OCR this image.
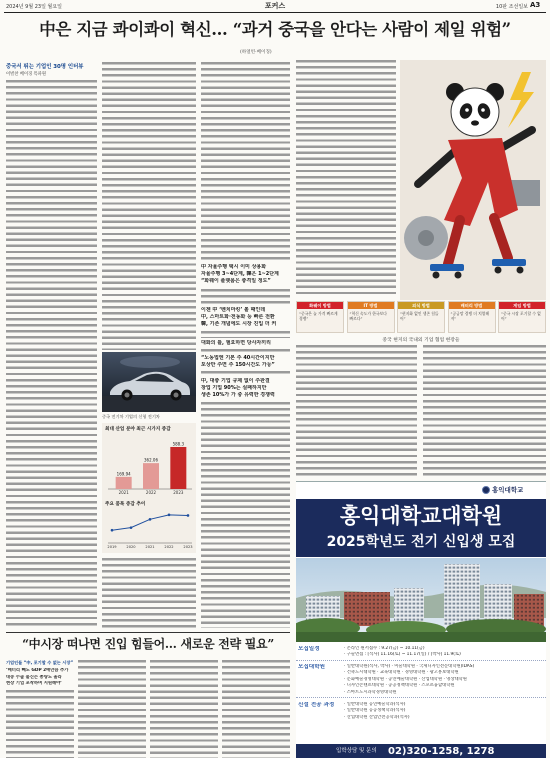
2024년 9월 23일 월요일	포커스	10판 조선일보 A3
中은 지금 콰이콰이 혁신… “과거 중국을 안다는 사람이 제일 위험”
(하얼빈·베이징)
중국서 뛰는 기업인 30명 인터뷰
이벌찬 베이징 특파원
중국 전기차 기업의 신형 전기차
최대 산업 분야 최근 시가지 증감
주요 품목 증감 추이
169.94
2021
362.06
2022
588.3
2023
2019	2020	2021	2022	2023
中 자율주행 택시 이미 상용화
자율주행 3~4단계, 韓은 1~2단계
“화웨이 플랫폼은 충격일 정도”
이젠 中 ‘벤치마킹’ 볼 때인데
中, 스마트화·전동화 등 빠른 전환
韓, 기존 개념에도 시장 진입 더 커
대화의 틀, 필요하면 당사자끼리
“노동법엔 기본 주 40시간이지만
포상만 주면 주 150시간도 가능”
中, 대충 기업 규제 없이 주판결
창업 기업 90%는 실패하지만
생존 10%가 가 중 유력한 경쟁력
화웨이 방법
“중국은 늘 가격 빠르게 경쟁”
IT 방법
“혁신 속도가 한국보다 빠르다”
외식 방법
“현지화 없인 생존 힘들어”
배터리 방법
“공급망 경쟁 더 치열해져”
게임 방법
“중국 시장 포기할 수 없어”
중국 현지의 국내외 기업 협업 현장들
“中시장 떠나면 진입 힘들어… 새로운 전략 필요”
기업인들 “中, 포기할 수 없는 시장”
‘배터리 빼도 GDP 2배만큼 추가
대중 수출 불신는 총량도 올라
현장 기업 포착하며 지원해야’
홍익대학교
홍익대학교대학원
2025학년도 전기 신입생 모집
모집일정	· 온라인 원서접수 : 9.27(금) ~ 10.11(금)
· 구술면접 : [석사] 11.16(토) ~ 11.17(일) / [박사] 11.9(토)
모집대학원	· 일반대학원(석사, 박사) · 미술대학원 · 국제디자인전문대학원(IDAS)
· 건축도시대학원 · 교육대학원 · 경영대학원 · 광고홍보대학원
· 문화예술경영대학원 · 공연예술대학원 · 산업대학원 · 영상대학원
· 디자인콘텐츠대학원 · 공공정책대학원 · 스포츠융합대학원
· 스마트도시과학경영대학원
신설 전공 과정	· 일반대학원 공연예술학과(석사)
· 일반대학원 공공정책학과(석사)
· 산업대학원 산업안전공학과(석사)
입학상담 및 문의 02)320-1258, 1278
